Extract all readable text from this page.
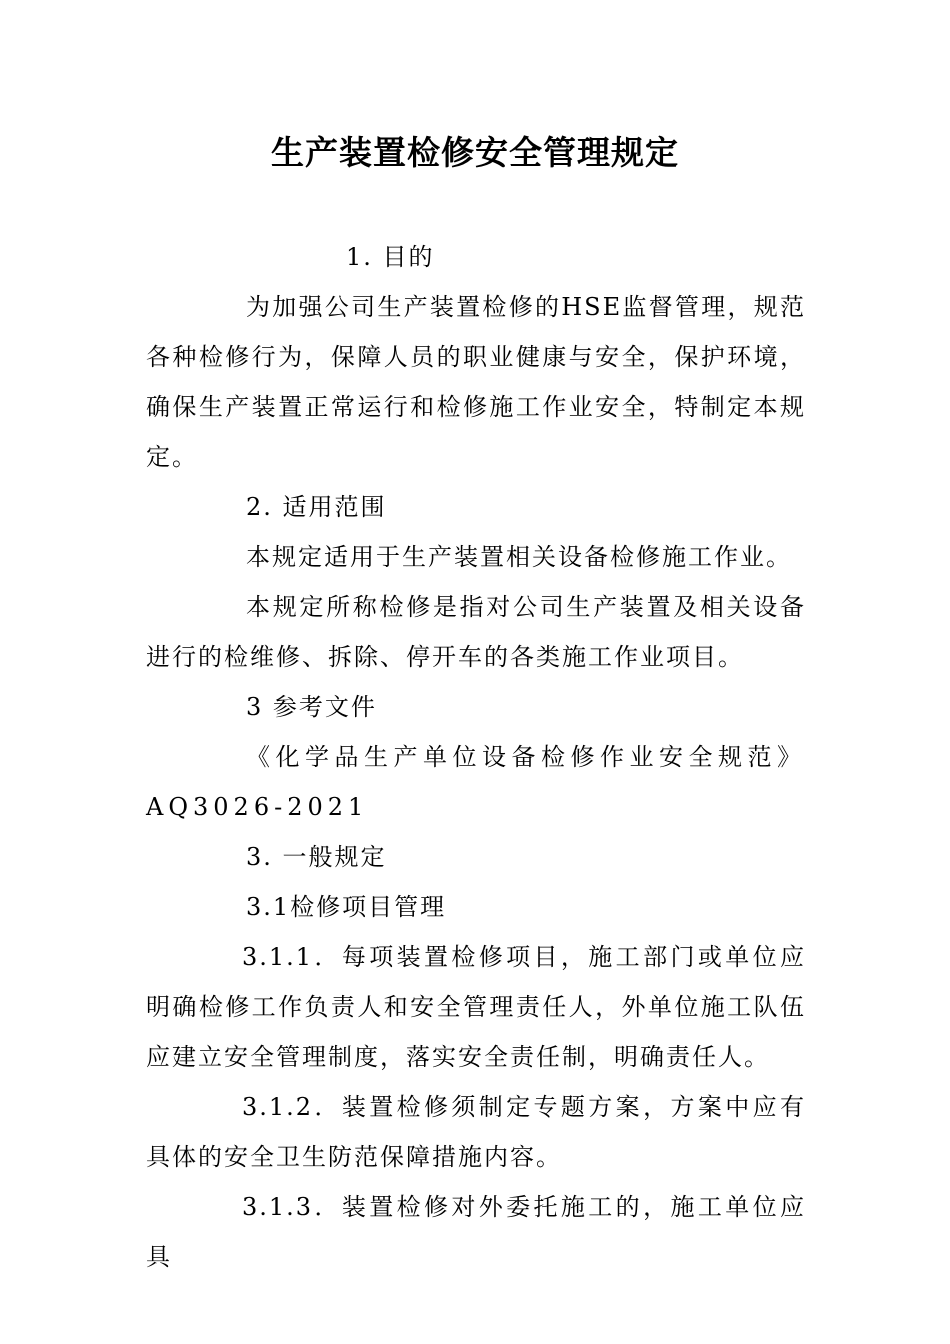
生产装置检修安全管理规定

1. 目的

为加强公司生产装置检修的HSE监督管理，规范各种检修行为，保障人员的职业健康与安全，保护环境，确保生产装置正常运行和检修施工作业安全，特制定本规定。

2. 适用范围

本规定适用于生产装置相关设备检修施工作业。

本规定所称检修是指对公司生产装置及相关设备进行的检维修、拆除、停开车的各类施工作业项目。

3 参考文件

《化学品生产单位设备检修作业安全规范》AQ3026-2021

3. 一般规定

3.1检修项目管理

3.1.1．每项装置检修项目，施工部门或单位应明确检修工作负责人和安全管理责任人，外单位施工队伍应建立安全管理制度，落实安全责任制，明确责任人。

3.1.2．装置检修须制定专题方案，方案中应有具体的安全卫生防范保障措施内容。

3.1.3．装置检修对外委托施工的，施工单位应具
